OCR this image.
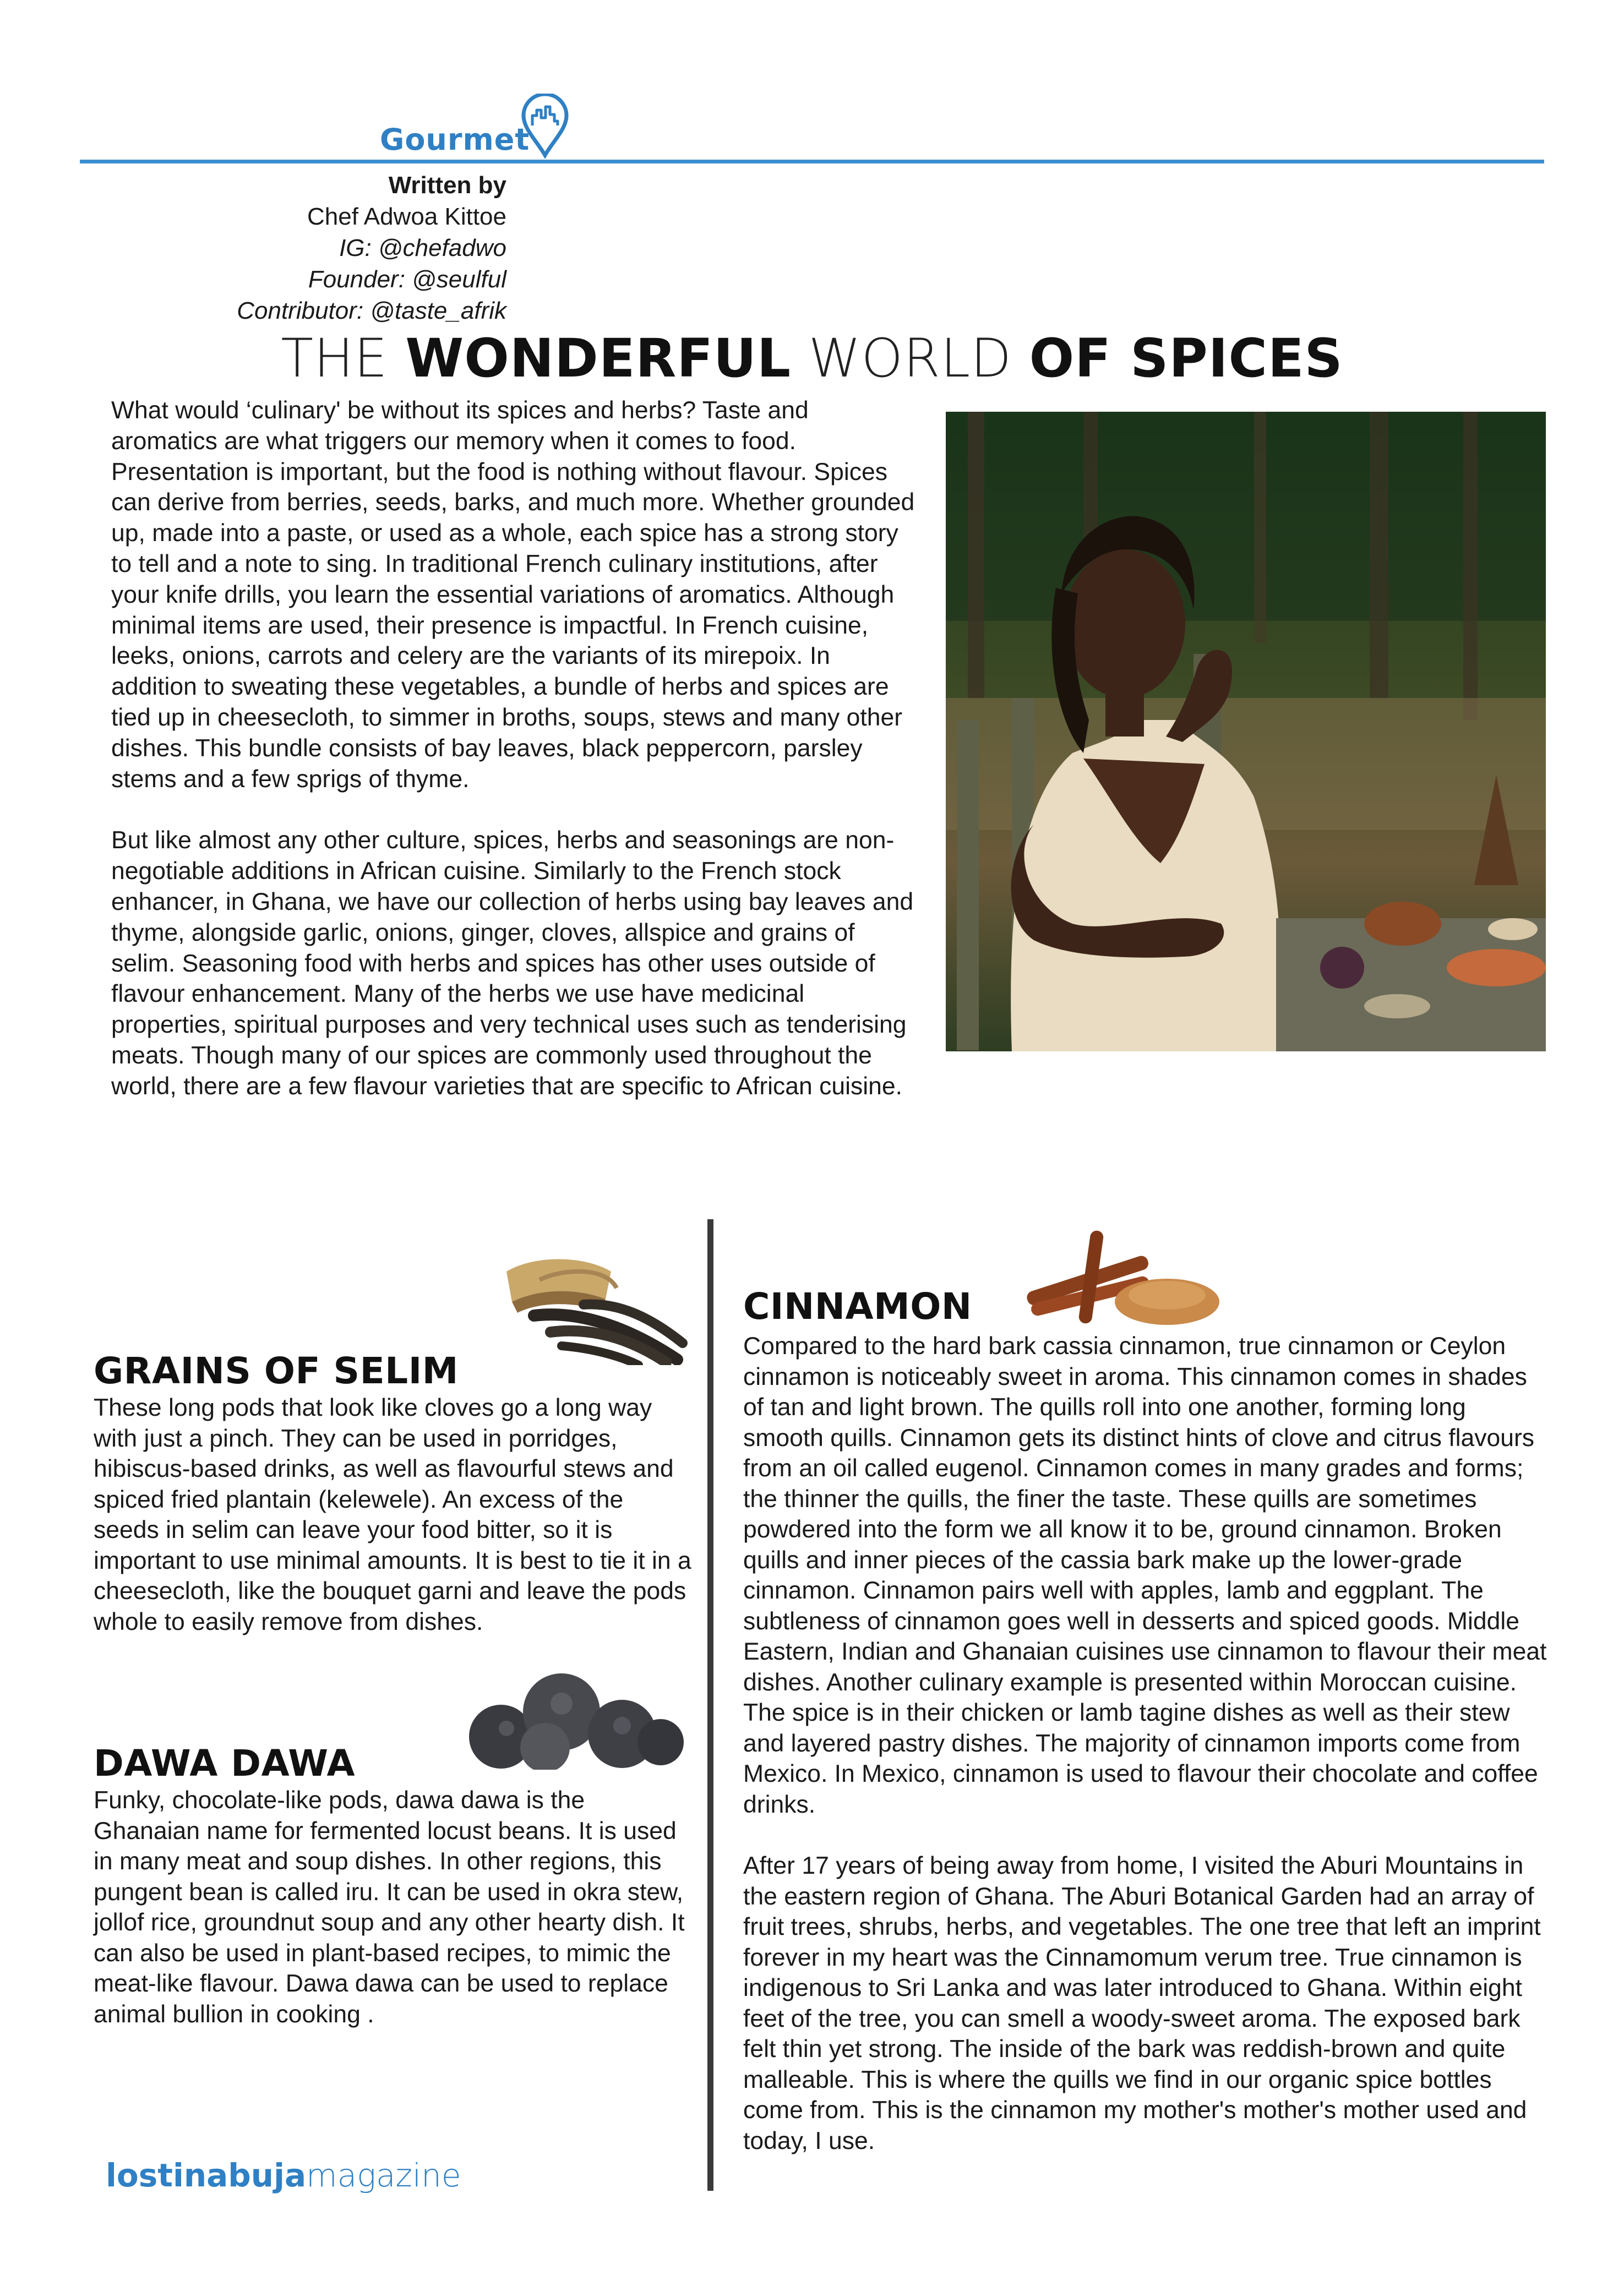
Gourmet
Written by
Chef Adwoa Kittoe
IG: @chefadwo
Founder: @seulful
Contributor: @taste_afrik
THE WONDERFUL WORLD OF SPICES

What would ‘culinary' be without its spices and herbs? Taste and aromatics are what triggers our memory when it comes to food. Presentation is important, but the food is nothing without flavour. Spices can derive from berries, seeds, barks, and much more. Whether grounded up, made into a paste, or used as a whole, each spice has a strong story to tell and a note to sing. In traditional French culinary institutions, after your knife drills, you learn the essential variations of aromatics. Although minimal items are used, their presence is impactful. In French cuisine, leeks, onions, carrots and celery are the variants of its mirepoix. In addition to sweating these vegetables, a bundle of herbs and spices are tied up in cheesecloth, to simmer in broths, soups, stews and many other dishes. This bundle consists of bay leaves, black peppercorn, parsley stems and a few sprigs of thyme.

But like almost any other culture, spices, herbs and seasonings are non-negotiable additions in African cuisine. Similarly to the French stock enhancer, in Ghana, we have our collection of herbs using bay leaves and thyme, alongside garlic, onions, ginger, cloves, allspice and grains of selim. Seasoning food with herbs and spices has other uses outside of flavour enhancement. Many of the herbs we use have medicinal properties, spiritual purposes and very technical uses such as tenderising meats. Though many of our spices are commonly used throughout the world, there are a few flavour varieties that are specific to African cuisine.

GRAINS OF SELIM
These long pods that look like cloves go a long way with just a pinch. They can be used in porridges, hibiscus-based drinks, as well as flavourful stews and spiced fried plantain (kelewele). An excess of the seeds in selim can leave your food bitter, so it is important to use minimal amounts. It is best to tie it in a cheesecloth, like the bouquet garni and leave the pods whole to easily remove from dishes.
DAWA DAWA
Funky, chocolate-like pods, dawa dawa is the Ghanaian name for fermented locust beans. It is used in many meat and soup dishes. In other regions, this pungent bean is called iru. It can be used in okra stew, jollof rice, groundnut soup and any other hearty dish. It can also be used in plant-based recipes, to mimic the meat-like flavour. Dawa dawa can be used to replace animal bullion in cooking .
CINNAMON

Compared to the hard bark cassia cinnamon, true cinnamon or Ceylon cinnamon is noticeably sweet in aroma. This cinnamon comes in shades of tan and light brown. The quills roll into one another, forming long smooth quills. Cinnamon gets its distinct hints of clove and citrus flavours from an oil called eugenol. Cinnamon comes in many grades and forms; the thinner the quills, the finer the taste. These quills are sometimes powdered into the form we all know it to be, ground cinnamon. Broken quills and inner pieces of the cassia bark make up the lower-grade cinnamon. Cinnamon pairs well with apples, lamb and eggplant. The subtleness of cinnamon goes well in desserts and spiced goods. Middle Eastern, Indian and Ghanaian cuisines use cinnamon to flavour their meat dishes. Another culinary example is presented within Moroccan cuisine. The spice is in their chicken or lamb tagine dishes as well as their stew and layered pastry dishes. The majority of cinnamon imports come from Mexico. In Mexico, cinnamon is used to flavour their chocolate and coffee drinks.

After 17 years of being away from home, I visited the Aburi Mountains in the eastern region of Ghana. The Aburi Botanical Garden had an array of fruit trees, shrubs, herbs, and vegetables. The one tree that left an imprint forever in my heart was the Cinnamomum verum tree. True cinnamon is indigenous to Sri Lanka and was later introduced to Ghana. Within eight feet of the tree, you can smell a woody-sweet aroma. The exposed bark felt thin yet strong. The inside of the bark was reddish-brown and quite malleable. This is where the quills we find in our organic spice bottles come from. This is the cinnamon my mother's mother's mother used and today, I use.

lostinabujamagazine
